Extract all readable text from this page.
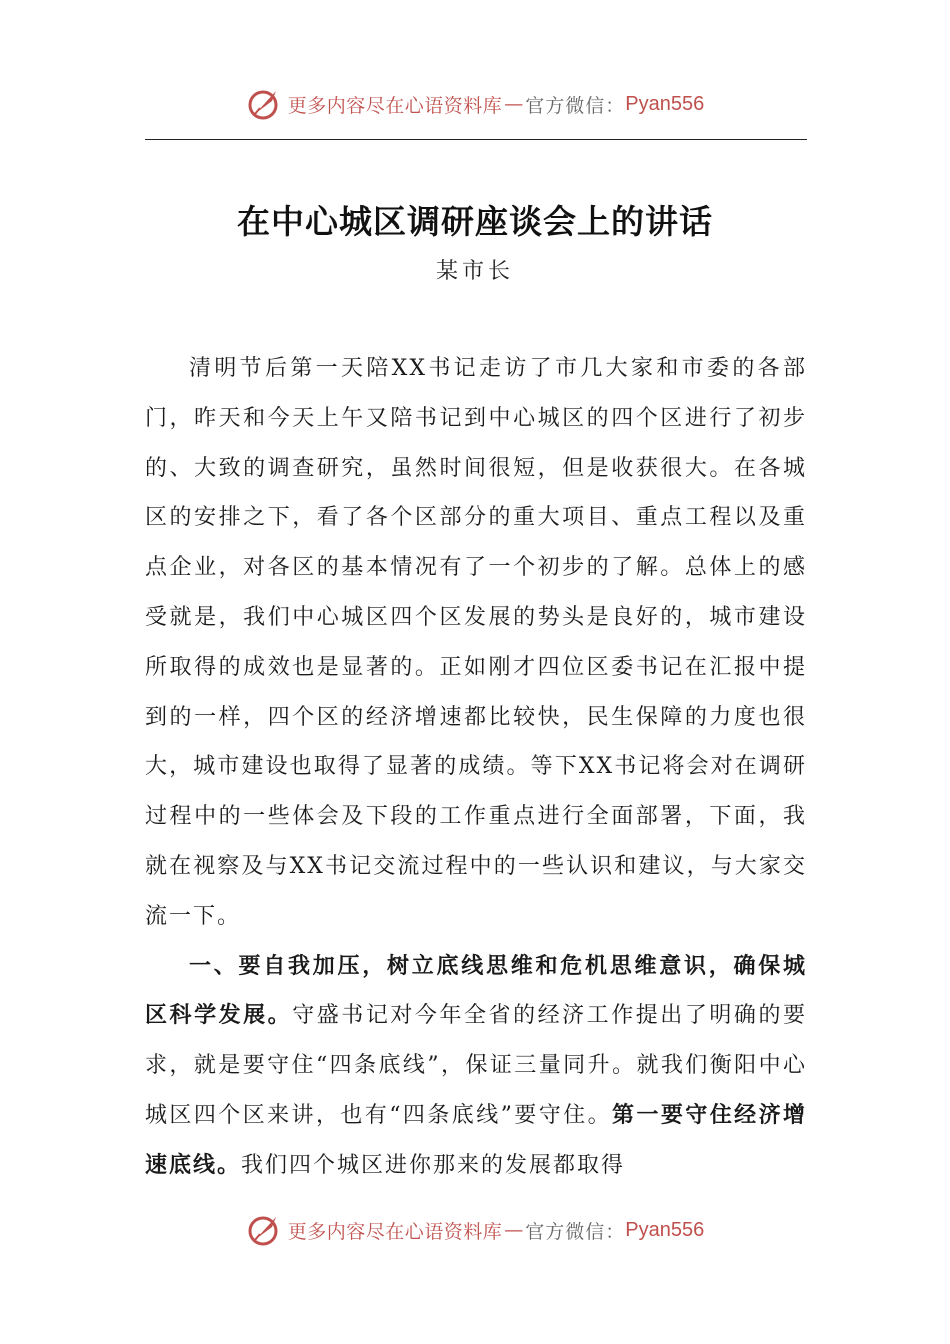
更多内容尽在心语资料库 — 官方微信： Pyan556
在中心城区调研座谈会上的讲话
某市长

清明节后第一天陪XX书记走访了市几大家和市委的各部门，昨天和今天上午又陪书记到中心城区的四个区进行了初步的、大致的调查研究，虽然时间很短，但是收获很大。在各城区的安排之下，看了各个区部分的重大项目、重点工程以及重点企业，对各区的基本情况有了一个初步的了解。总体上的感受就是，我们中心城区四个区发展的势头是良好的，城市建设所取得的成效也是显著的。正如刚才四位区委书记在汇报中提到的一样，四个区的经济增速都比较快，民生保障的力度也很大，城市建设也取得了显著的成绩。等下XX书记将会对在调研过程中的一些体会及下段的工作重点进行全面部署，下面，我就在视察及与XX书记交流过程中的一些认识和建议，与大家交流一下。

一、要自我加压，树立底线思维和危机思维意识，确保城区科学发展。守盛书记对今年全省的经济工作提出了明确的要求，就是要守住“四条底线”，保证三量同升。就我们衡阳中心城区四个区来讲，也有“四条底线”要守住。第一要守住经济增速底线。我们四个城区进你那来的发展都取得

更多内容尽在心语资料库 — 官方微信： Pyan556
